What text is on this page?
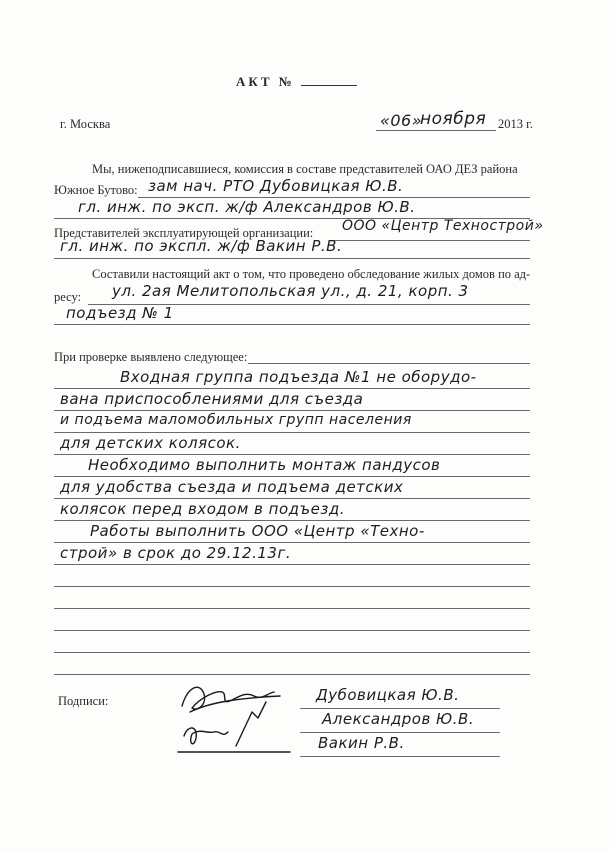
АКТ №
г. Москва	«06»
ноября 2013 г.
Мы, нижеподписавшиеся, комиссия в составе представителей ОАО ДЕЗ района
Южное Бутово: зам нач. РТО Дубовицкая Ю.В.
гл. инж. по эксп. ж/ф Александров Ю.В.
Представителей эксплуатирующей организации: ООО «Центр Технострой»
гл. инж. по экспл. ж/ф Вакин Р.В.
Составили настоящий акт о том, что проведено обследование жилых домов по ад-
ресу: ул. 2ая Мелитопольская ул., д. 21, корп. 3
подъезд № 1
При проверке выявлено следующее:
Входная группа подъезда №1 не оборудо-
вана приспособлениями для съезда
и подъема маломобильных групп населения
для детских колясок.
Необходимо выполнить монтаж пандусов
для удобства съезда и подъема детских
колясок перед входом в подъезд.
Работы выполнить ООО «Центр «Техно-
строй» в срок до 29.12.13г.
Подписи:	Дубовицкая Ю.В.
Александров Ю.В.
Вакин Р.В.
